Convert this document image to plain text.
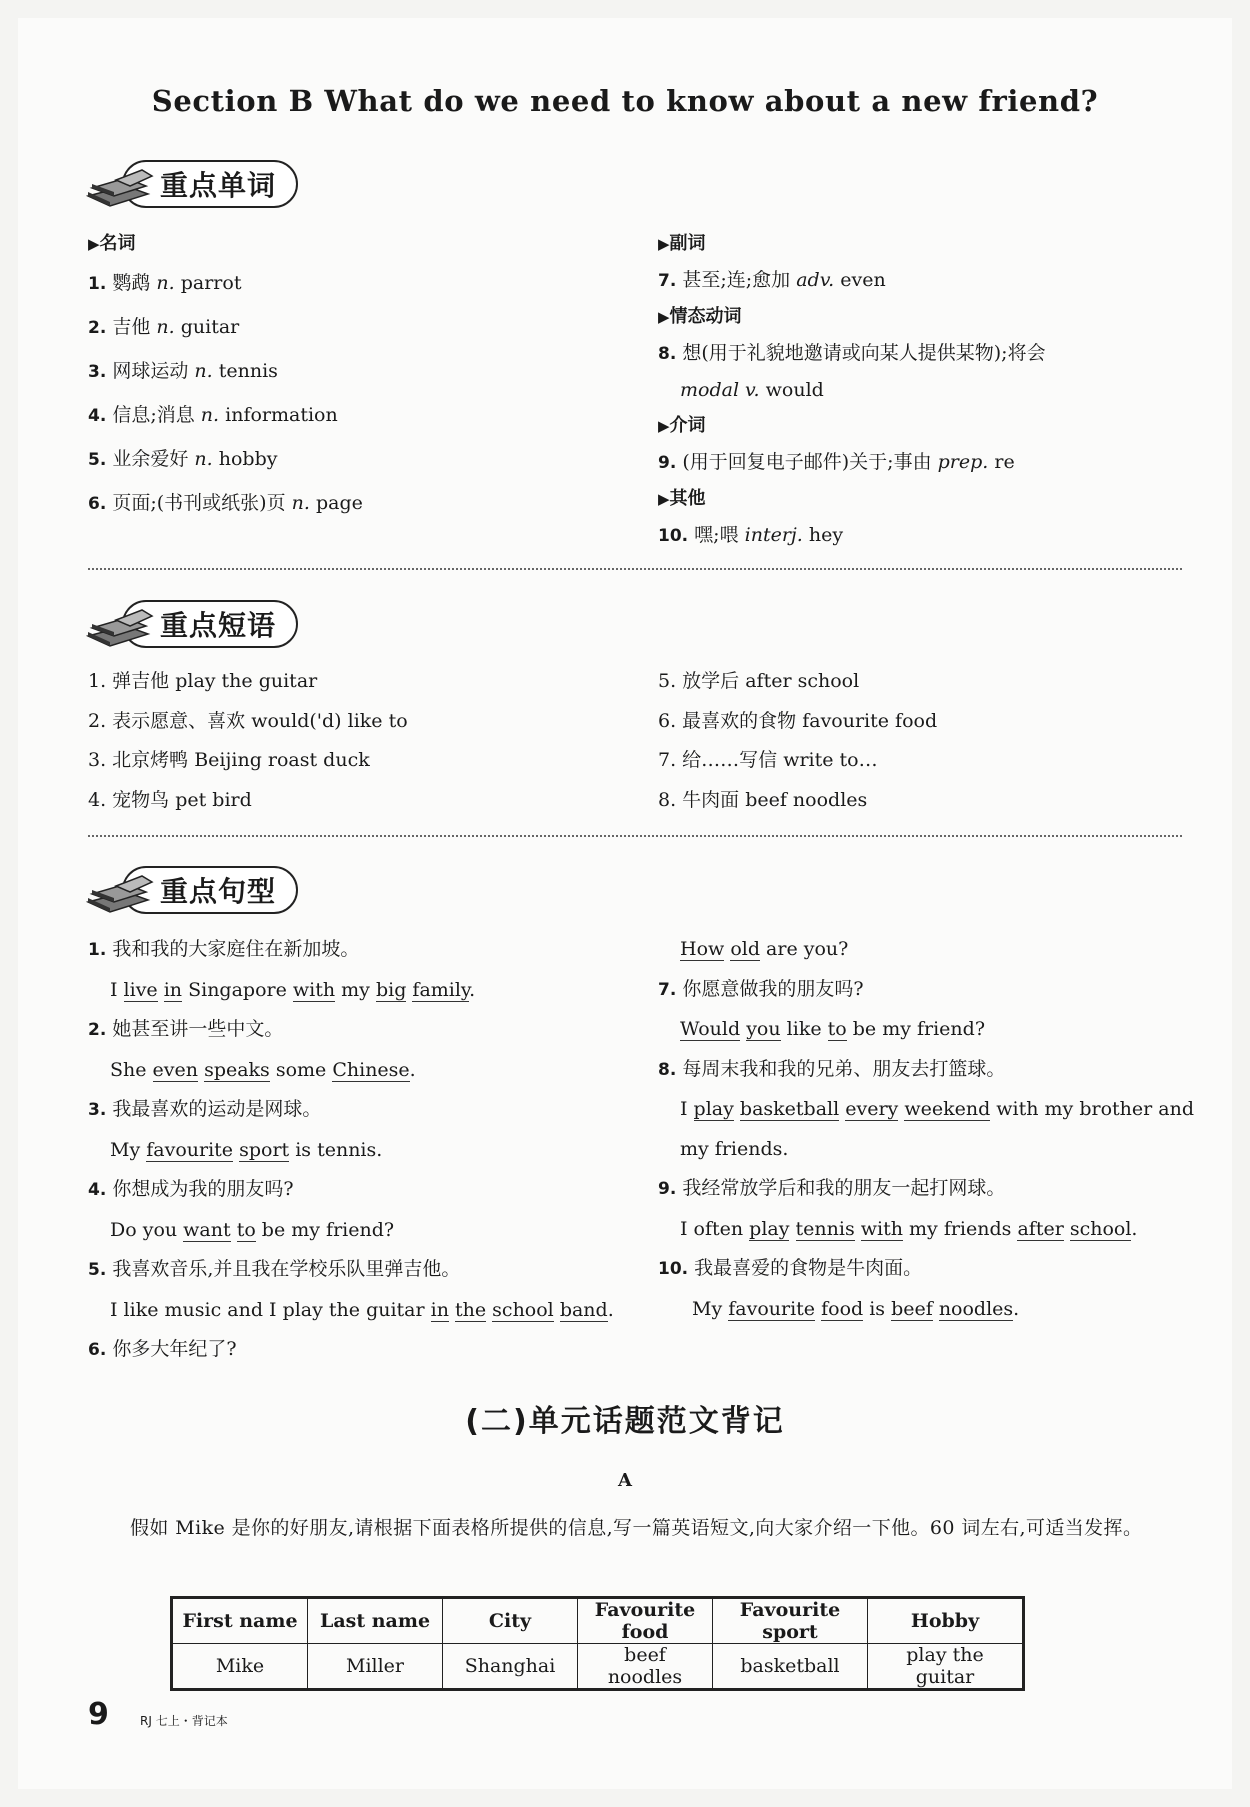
Section B What do we need to know about a new friend?
重点单词
▶名词
1. 鹦鹉 n. parrot
2. 吉他 n. guitar
3. 网球运动 n. tennis
4. 信息;消息 n. information
5. 业余爱好 n. hobby
6. 页面;(书刊或纸张)页 n. page
▶副词
7. 甚至;连;愈加 adv. even
▶情态动词
8. 想(用于礼貌地邀请或向某人提供某物);将会
modal v. would
▶介词
9. (用于回复电子邮件)关于;事由 prep. re
▶其他
10. 嘿;喂 interj. hey
重点短语
1. 弹吉他 play the guitar
2. 表示愿意、喜欢 would('d) like to
3. 北京烤鸭 Beijing roast duck
4. 宠物鸟 pet bird
5. 放学后 after school
6. 最喜欢的食物 favourite food
7. 给……写信 write to…
8. 牛肉面 beef noodles
重点句型
1. 我和我的大家庭住在新加坡。
I live in Singapore with my big family.
2. 她甚至讲一些中文。
She even speaks some Chinese.
3. 我最喜欢的运动是网球。
My favourite sport is tennis.
4. 你想成为我的朋友吗?
Do you want to be my friend?
5. 我喜欢音乐,并且我在学校乐队里弹吉他。
I like music and I play the guitar in the school band.
6. 你多大年纪了?
How old are you?
7. 你愿意做我的朋友吗?
Would you like to be my friend?
8. 每周末我和我的兄弟、朋友去打篮球。
I play basketball every weekend with my brother and
my friends.
9. 我经常放学后和我的朋友一起打网球。
I often play tennis with my friends after school.
10. 我最喜爱的食物是牛肉面。
My favourite food is beef noodles.
(二)单元话题范文背记
A
假如 Mike 是你的好朋友,请根据下面表格所提供的信息,写一篇英语短文,向大家介绍一下他。60 词左右,可适当发挥。
First name	Last name	City	Favourite food	Favourite sport	Hobby
Mike	Miller	Shanghai	beef noodles	basketball	play the guitar
9	RJ 七上・背记本
